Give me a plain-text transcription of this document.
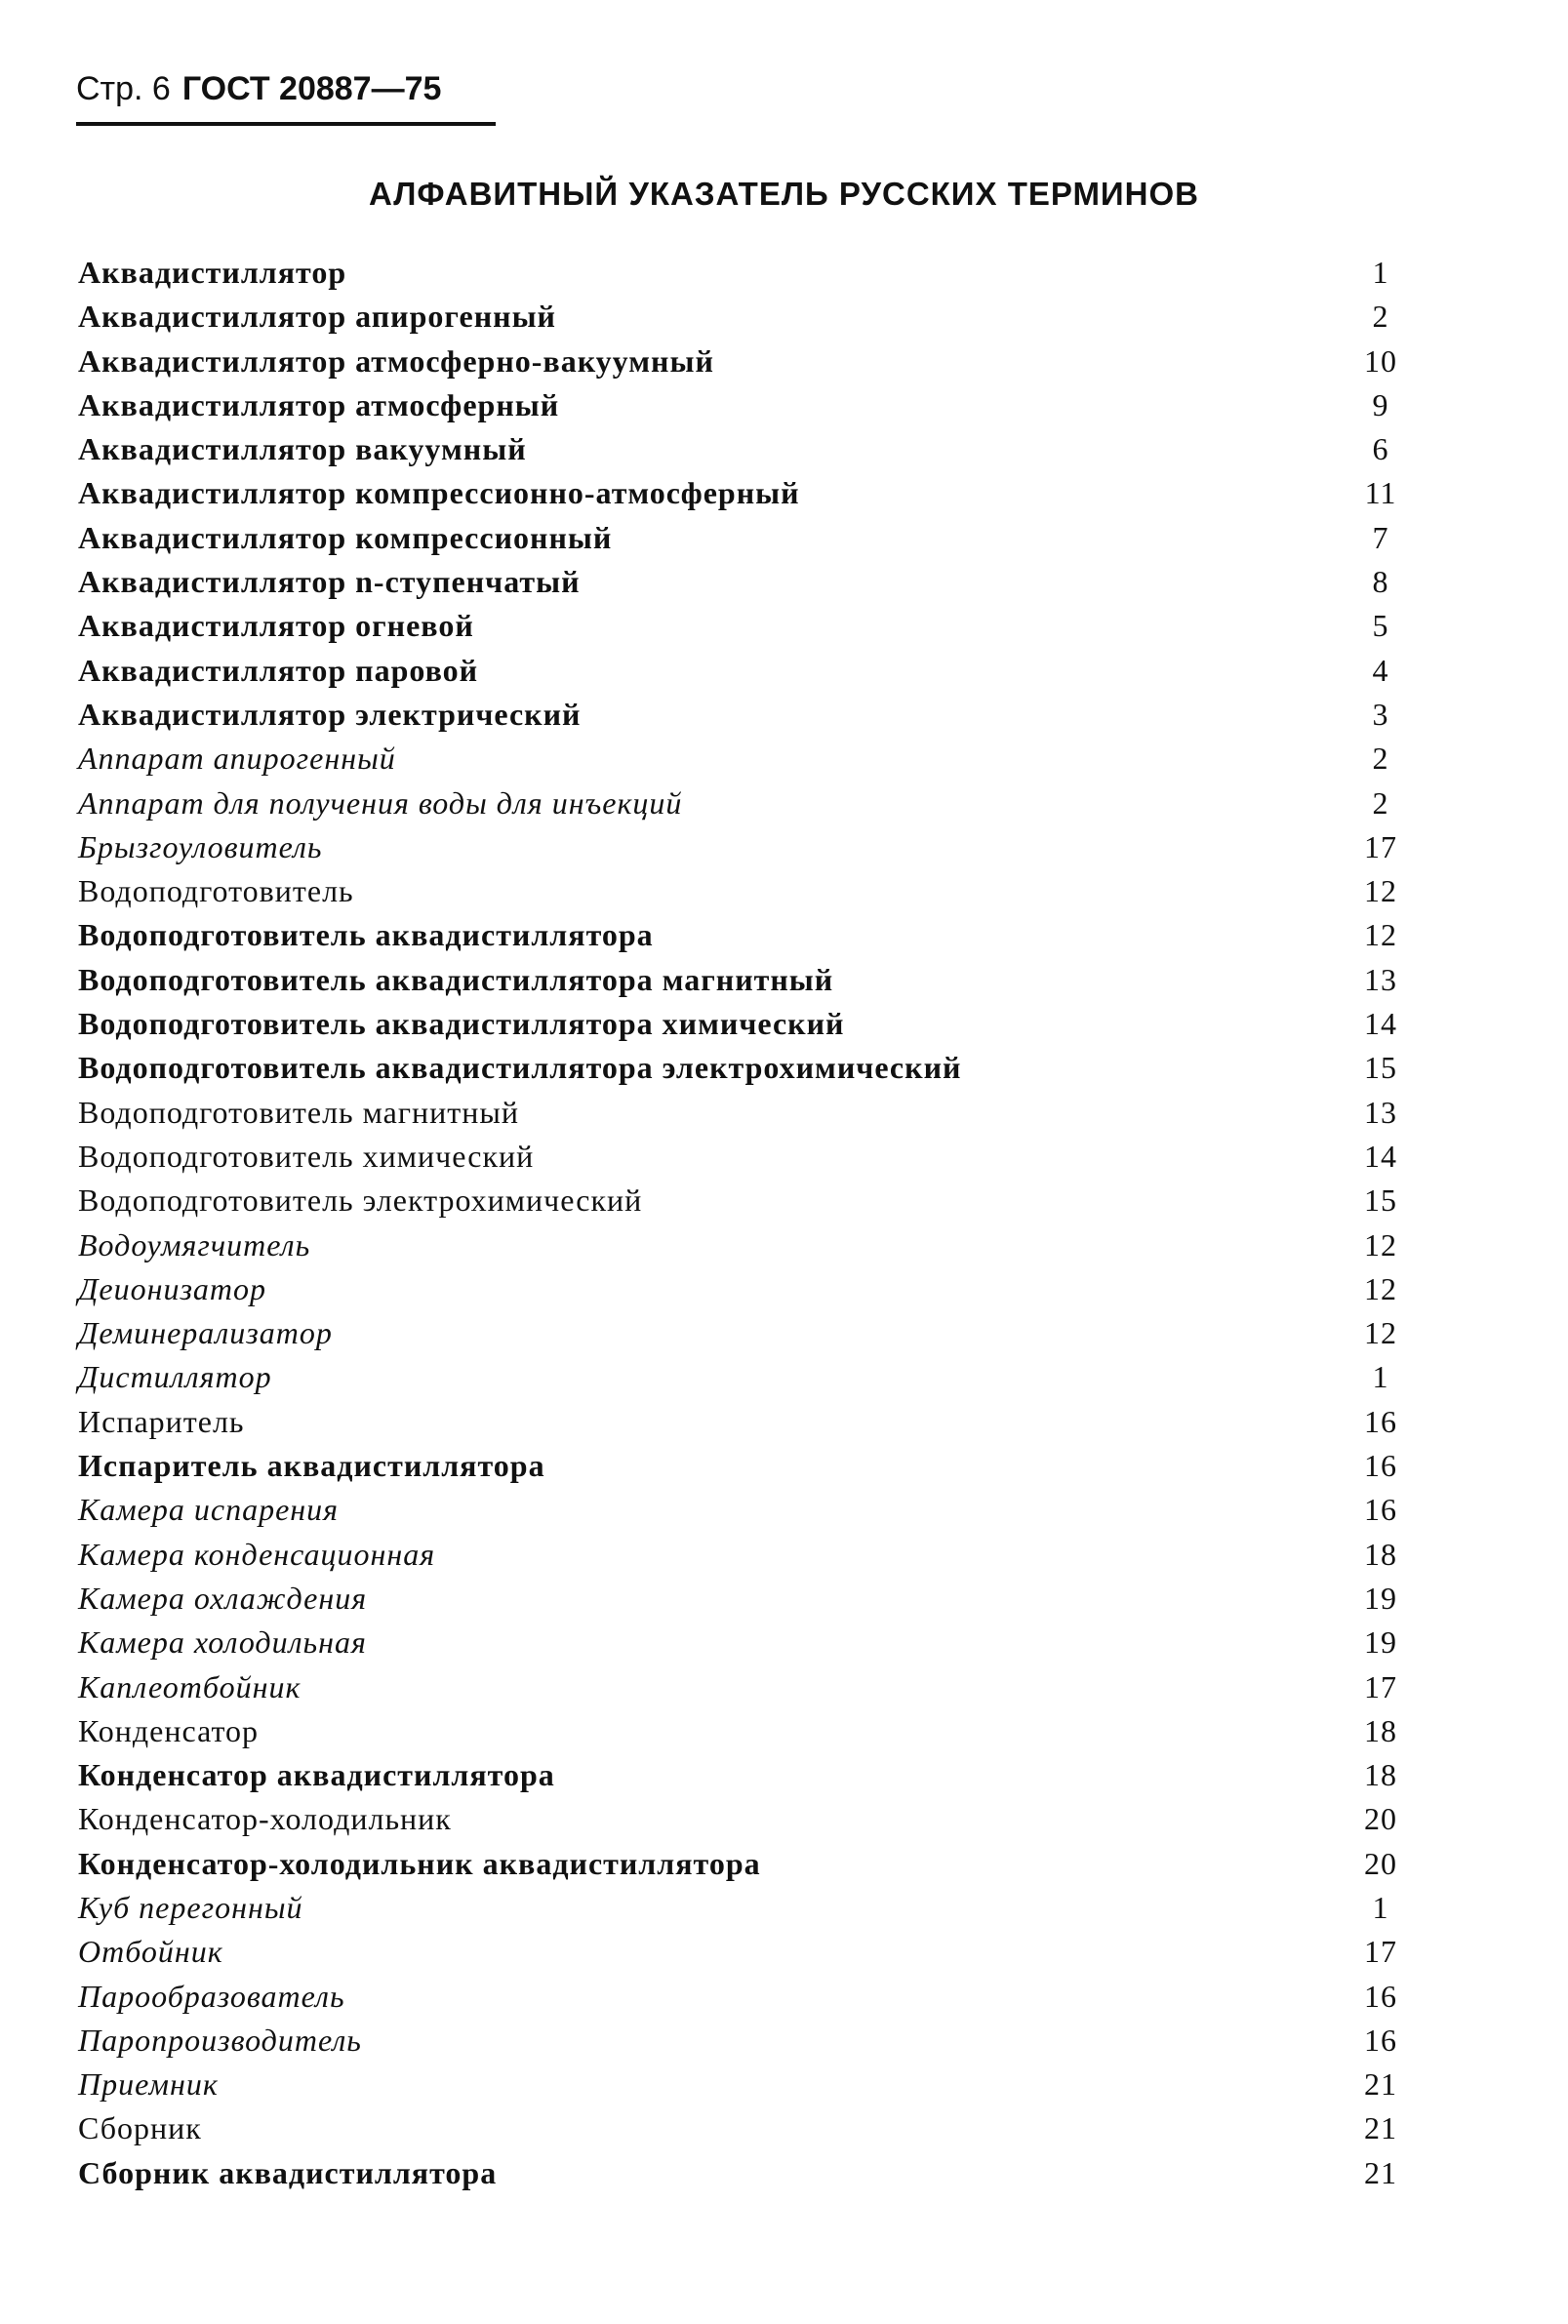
Стр. 6 ГОСТ 20887—75
АЛФАВИТНЫЙ УКАЗАТЕЛЬ РУССКИХ ТЕРМИНОВ
Аквадистиллятор	1
Аквадистиллятор апирогенный	2
Аквадистиллятор атмосферно-вакуумный	10
Аквадистиллятор атмосферный	9
Аквадистиллятор вакуумный	6
Аквадистиллятор компрессионно-атмосферный	11
Аквадистиллятор компрессионный	7
Аквадистиллятор n-ступенчатый	8
Аквадистиллятор огневой	5
Аквадистиллятор паровой	4
Аквадистиллятор электрический	3
Аппарат апирогенный	2
Аппарат для получения воды для инъекций	2
Брызгоуловитель	17
Водоподготовитель	12
Водоподготовитель аквадистиллятора	12
Водоподготовитель аквадистиллятора магнитный	13
Водоподготовитель аквадистиллятора химический	14
Водоподготовитель аквадистиллятора электрохимический	15
Водоподготовитель магнитный	13
Водоподготовитель химический	14
Водоподготовитель электрохимический	15
Водоумягчитель	12
Деионизатор	12
Деминерализатор	12
Дистиллятор	1
Испаритель	16
Испаритель аквадистиллятора	16
Камера испарения	16
Камера конденсационная	18
Камера охлаждения	19
Камера холодильная	19
Каплеотбойник	17
Конденсатор	18
Конденсатор аквадистиллятора	18
Конденсатор-холодильник	20
Конденсатор-холодильник аквадистиллятора	20
Куб перегонный	1
Отбойник	17
Парообразователь	16
Паропроизводитель	16
Приемник	21
Сборник	21
Сборник аквадистиллятора	21
